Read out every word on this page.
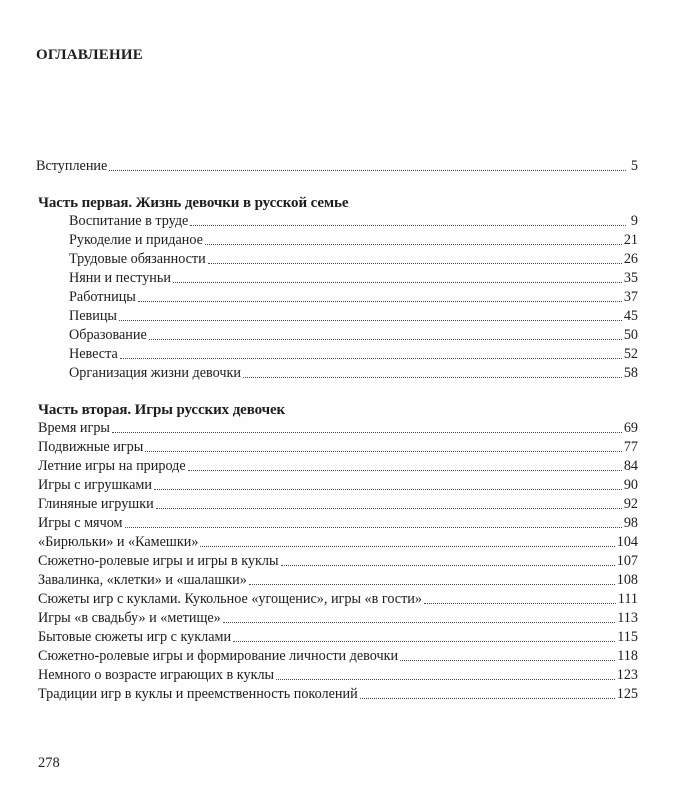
ОГЛАВЛЕНИЕ
Вступление	5
Часть первая. Жизнь девочки в русской семье
Воспитание в труде	9
Рукоделие и приданое	21
Трудовые обязанности	26
Няни и пестуньи	35
Работницы	37
Певицы	45
Образование	50
Невеста	52
Организация жизни девочки	58
Часть вторая. Игры русских девочек
Время игры	69
Подвижные игры	77
Летние игры на природе	84
Игры с игрушками	90
Глиняные игрушки	92
Игры с мячом	98
«Бирюльки» и «Камешки»	104
Сюжетно-ролевые игры и игры в куклы	107
Завалинка, «клетки» и «шалашки»	108
Сюжеты игр с куклами. Кукольное «угощенис», игры «в гости»	111
Игры «в свадьбу» и «метище»	113
Бытовые сюжеты игр с куклами	115
Сюжетно-ролевые игры и формирование личности девочки	118
Немного о возрасте играющих в куклы	123
Традиции игр в куклы и преемственность поколений	125
278
